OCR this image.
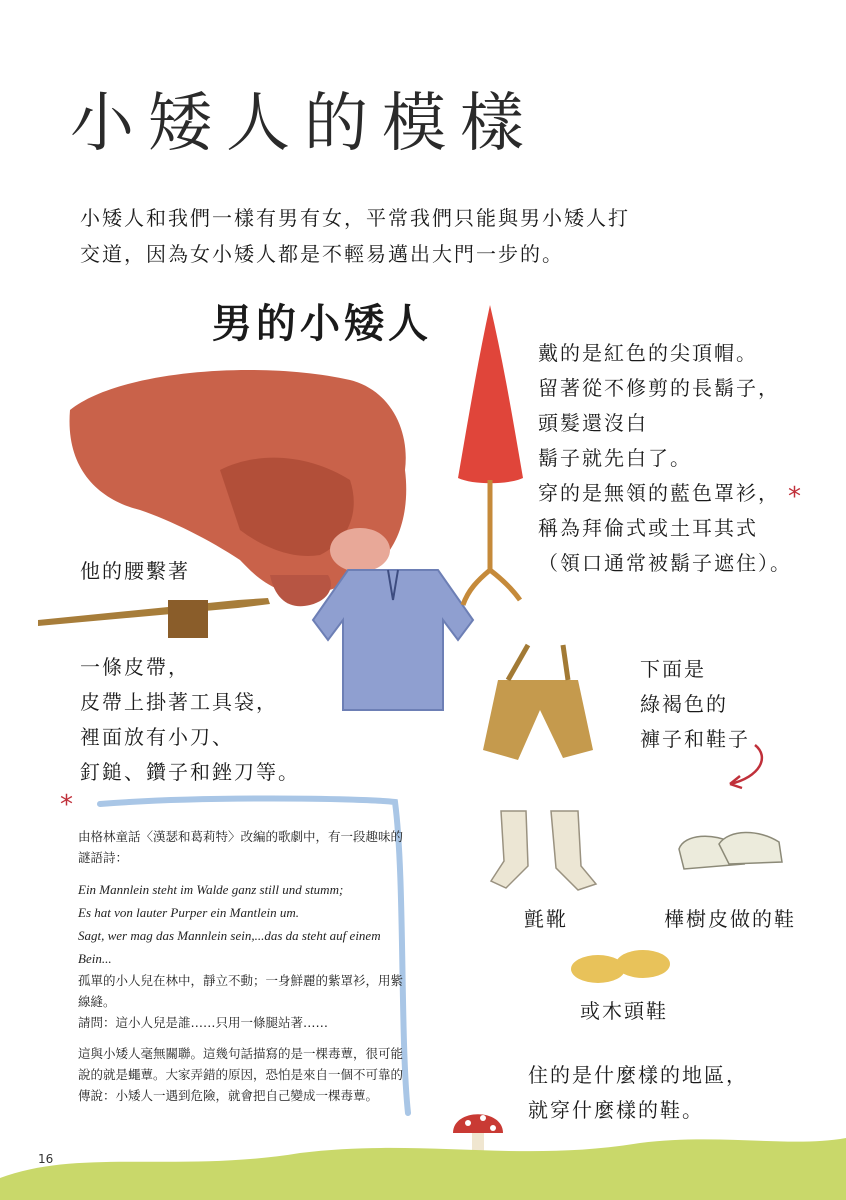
小矮人的模樣
小矮人和我們一樣有男有女，平常我們只能與男小矮人打
交道，因為女小矮人都是不輕易邁出大門一步的。
男的小矮人
戴的是紅色的尖頂帽。
留著從不修剪的長鬍子，
頭髮還沒白
鬍子就先白了。
穿的是無領的藍色罩衫，
稱為拜倫式或土耳其式
（領口通常被鬍子遮住）。
*
他的腰繫著
一條皮帶，
皮帶上掛著工具袋，
裡面放有小刀、
釘鎚、鑽子和銼刀等。
下面是
綠褐色的
褲子和鞋子
氈靴	樺樹皮做的鞋
或木頭鞋
住的是什麼樣的地區，
就穿什麼樣的鞋。
*

由格林童話〈漢瑟和葛莉特〉改編的歌劇中，有一段趣味的謎語詩：

Ein Mannlein steht im Walde ganz still und stumm;
Es hat von lauter Purper ein Mantlein um.
Sagt, wer mag das Mannlein sein,...das da steht auf einem Bein...
孤單的小人兒在林中，靜立不動；一身鮮麗的紫罩衫，用紫線縫。

請問：這小人兒是誰……只用一條腿站著……

這與小矮人毫無關聯。這幾句話描寫的是一棵毒蕈，很可能說的就是蠅蕈。大家弄錯的原因，恐怕是來自一個不可靠的傳說：小矮人一遇到危險，就會把自己變成一棵毒蕈。

16
